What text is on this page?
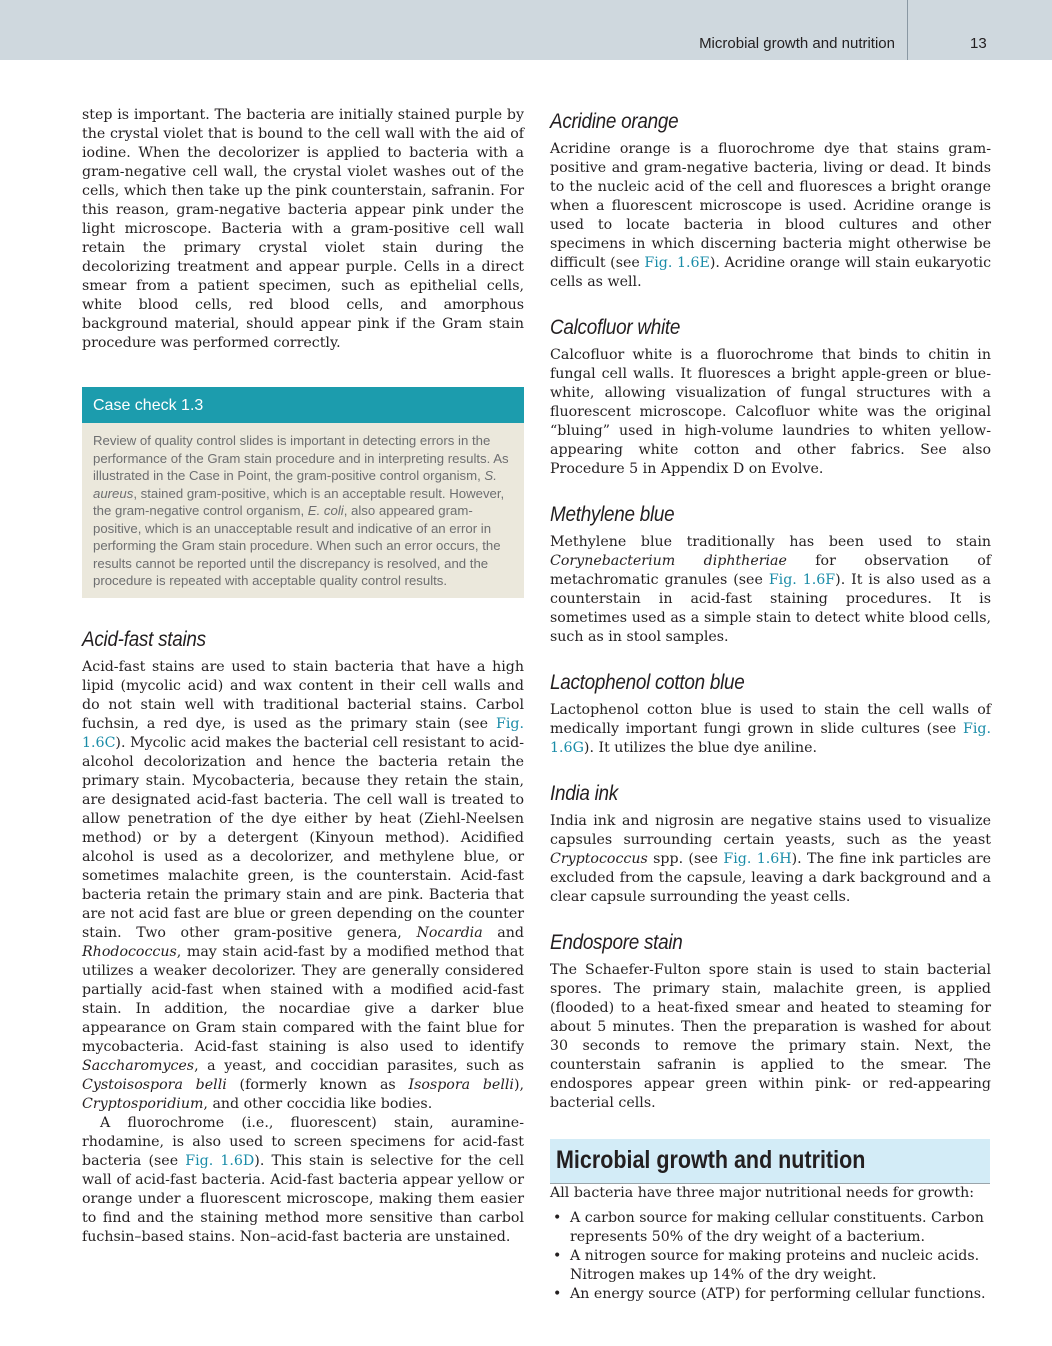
Microbial growth and nutrition	13

step is important. The bacteria are initially stained purple by the crystal violet that is bound to the cell wall with the aid of iodine. When the decolorizer is applied to bacteria with a gram-negative cell wall, the crystal violet washes out of the cells, which then take up the pink counterstain, safranin. For this reason, gram-negative bacteria appear pink under the light microscope. Bacteria with a gram-positive cell wall retain the primary crystal violet stain during the decolorizing treatment and appear purple. Cells in a direct smear from a patient specimen, such as epithelial cells, white blood cells, red blood cells, and amorphous background material, should appear pink if the Gram stain procedure was performed correctly.

Case check 1.3
Review of quality control slides is important in detecting errors in the performance of the Gram stain procedure and in interpreting results. As illustrated in the Case in Point, the gram-positive control organism, S. aureus, stained gram-positive, which is an acceptable result. However, the gram-negative control organism, E. coli, also appeared gram-positive, which is an unacceptable result and indicative of an error in performing the Gram stain procedure. When such an error occurs, the results cannot be reported until the discrepancy is resolved, and the procedure is repeated with acceptable quality control results.
Acid-fast stains

Acid-fast stains are used to stain bacteria that have a high lipid (mycolic acid) and wax content in their cell walls and do not stain well with traditional bacterial stains. Carbol fuchsin, a red dye, is used as the primary stain (see Fig. 1.6C). Mycolic acid makes the bacterial cell resistant to acid-alcohol decolorization and hence the bacteria retain the primary stain. Mycobacteria, because they retain the stain, are designated acid-fast bacteria. The cell wall is treated to allow penetration of the dye either by heat (Ziehl-Neelsen method) or by a detergent (Kinyoun method). Acidified alcohol is used as a decolorizer, and methylene blue, or sometimes malachite green, is the counterstain. Acid-fast bacteria retain the primary stain and are pink. Bacteria that are not acid fast are blue or green depending on the counter stain. Two other gram-positive genera, Nocardia and Rhodococcus, may stain acid-fast by a modified method that utilizes a weaker decolorizer. They are generally considered partially acid-fast when stained with a modified acid-fast stain. In addition, the nocardiae give a darker blue appearance on Gram stain compared with the faint blue for mycobacteria. Acid-fast staining is also used to identify Saccharomyces, a yeast, and coccidian parasites, such as Cystoisospora belli (formerly known as Isospora belli), Cryptosporidium, and other coccidia like bodies.

A fluorochrome (i.e., fluorescent) stain, auramine-rhodamine, is also used to screen specimens for acid-fast bacteria (see Fig. 1.6D). This stain is selective for the cell wall of acid-fast bacteria. Acid-fast bacteria appear yellow or orange under a fluorescent microscope, making them easier to find and the staining method more sensitive than carbol fuchsin–based stains. Non–acid-fast bacteria are unstained.

Acridine orange

Acridine orange is a fluorochrome dye that stains gram-positive and gram-negative bacteria, living or dead. It binds to the nucleic acid of the cell and fluoresces a bright orange when a fluorescent microscope is used. Acridine orange is used to locate bacteria in blood cultures and other specimens in which discerning bacteria might otherwise be difficult (see Fig. 1.6E). Acridine orange will stain eukaryotic cells as well.

Calcofluor white

Calcofluor white is a fluorochrome that binds to chitin in fungal cell walls. It fluoresces a bright apple-green or blue-white, allowing visualization of fungal structures with a fluorescent microscope. Calcofluor white was the original “bluing” used in high-volume laundries to whiten yellow-appearing white cotton and other fabrics. See also Procedure 5 in Appendix D on Evolve.

Methylene blue

Methylene blue traditionally has been used to stain Corynebacterium diphtheriae for observation of metachromatic granules (see Fig. 1.6F). It is also used as a counterstain in acid-fast staining procedures. It is sometimes used as a simple stain to detect white blood cells, such as in stool samples.

Lactophenol cotton blue

Lactophenol cotton blue is used to stain the cell walls of medically important fungi grown in slide cultures (see Fig. 1.6G). It utilizes the blue dye aniline.

India ink

India ink and nigrosin are negative stains used to visualize capsules surrounding certain yeasts, such as the yeast Cryptococcus spp. (see Fig. 1.6H). The fine ink particles are excluded from the capsule, leaving a dark background and a clear capsule surrounding the yeast cells.

Endospore stain

The Schaefer-Fulton spore stain is used to stain bacterial spores. The primary stain, malachite green, is applied (flooded) to a heat-fixed smear and heated to steaming for about 5 minutes. Then the preparation is washed for about 30 seconds to remove the primary stain. Next, the counterstain safranin is applied to the smear. The endospores appear green within pink- or red-appearing bacterial cells.

Microbial growth and nutrition

All bacteria have three major nutritional needs for growth:

• A carbon source for making cellular constituents. Carbon represents 50% of the dry weight of a bacterium.
• A nitrogen source for making proteins and nucleic acids. Nitrogen makes up 14% of the dry weight.
• An energy source (ATP) for performing cellular functions.
